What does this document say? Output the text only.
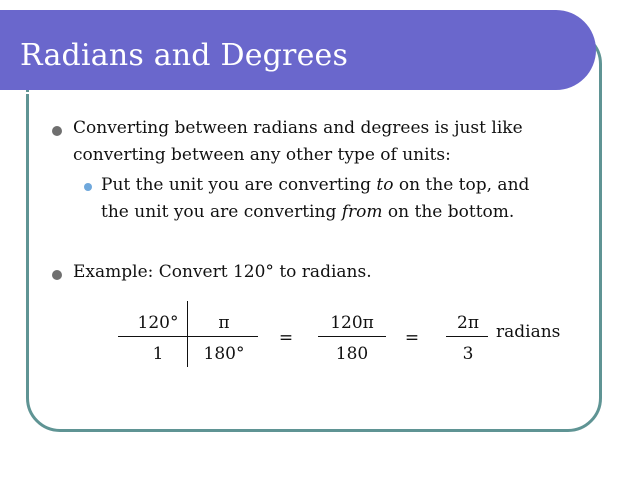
Radians and Degrees
Converting between radians and degrees is just like
converting between any other type of units:
Put the unit you are converting to on the top, and
the unit you are converting from on the bottom.
Example: Convert 120° to radians.
120°	π
1	180°
=
120π
180
=
2π
3
radians
